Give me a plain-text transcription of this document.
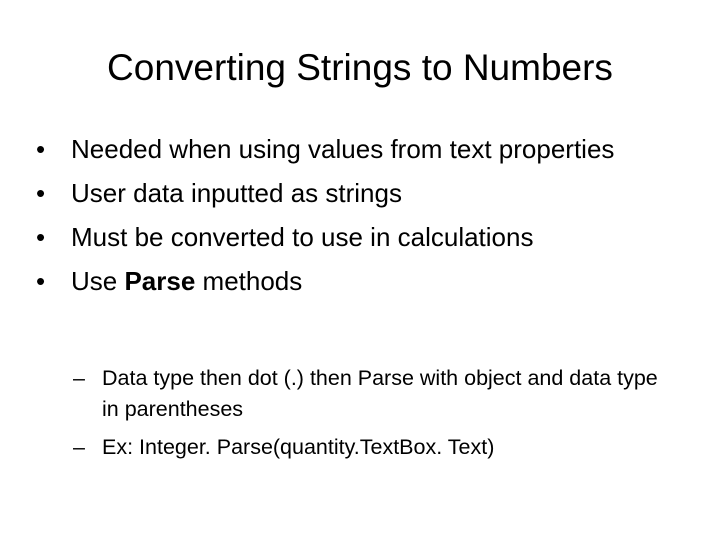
Converting Strings to Numbers
• Needed when using values from text properties
• User data inputted as strings
• Must be converted to use in calculations
• Use Parse methods
– Data type then dot (.) then Parse with object and data type in parentheses
– Ex: Integer. Parse(quantity.TextBox. Text)
